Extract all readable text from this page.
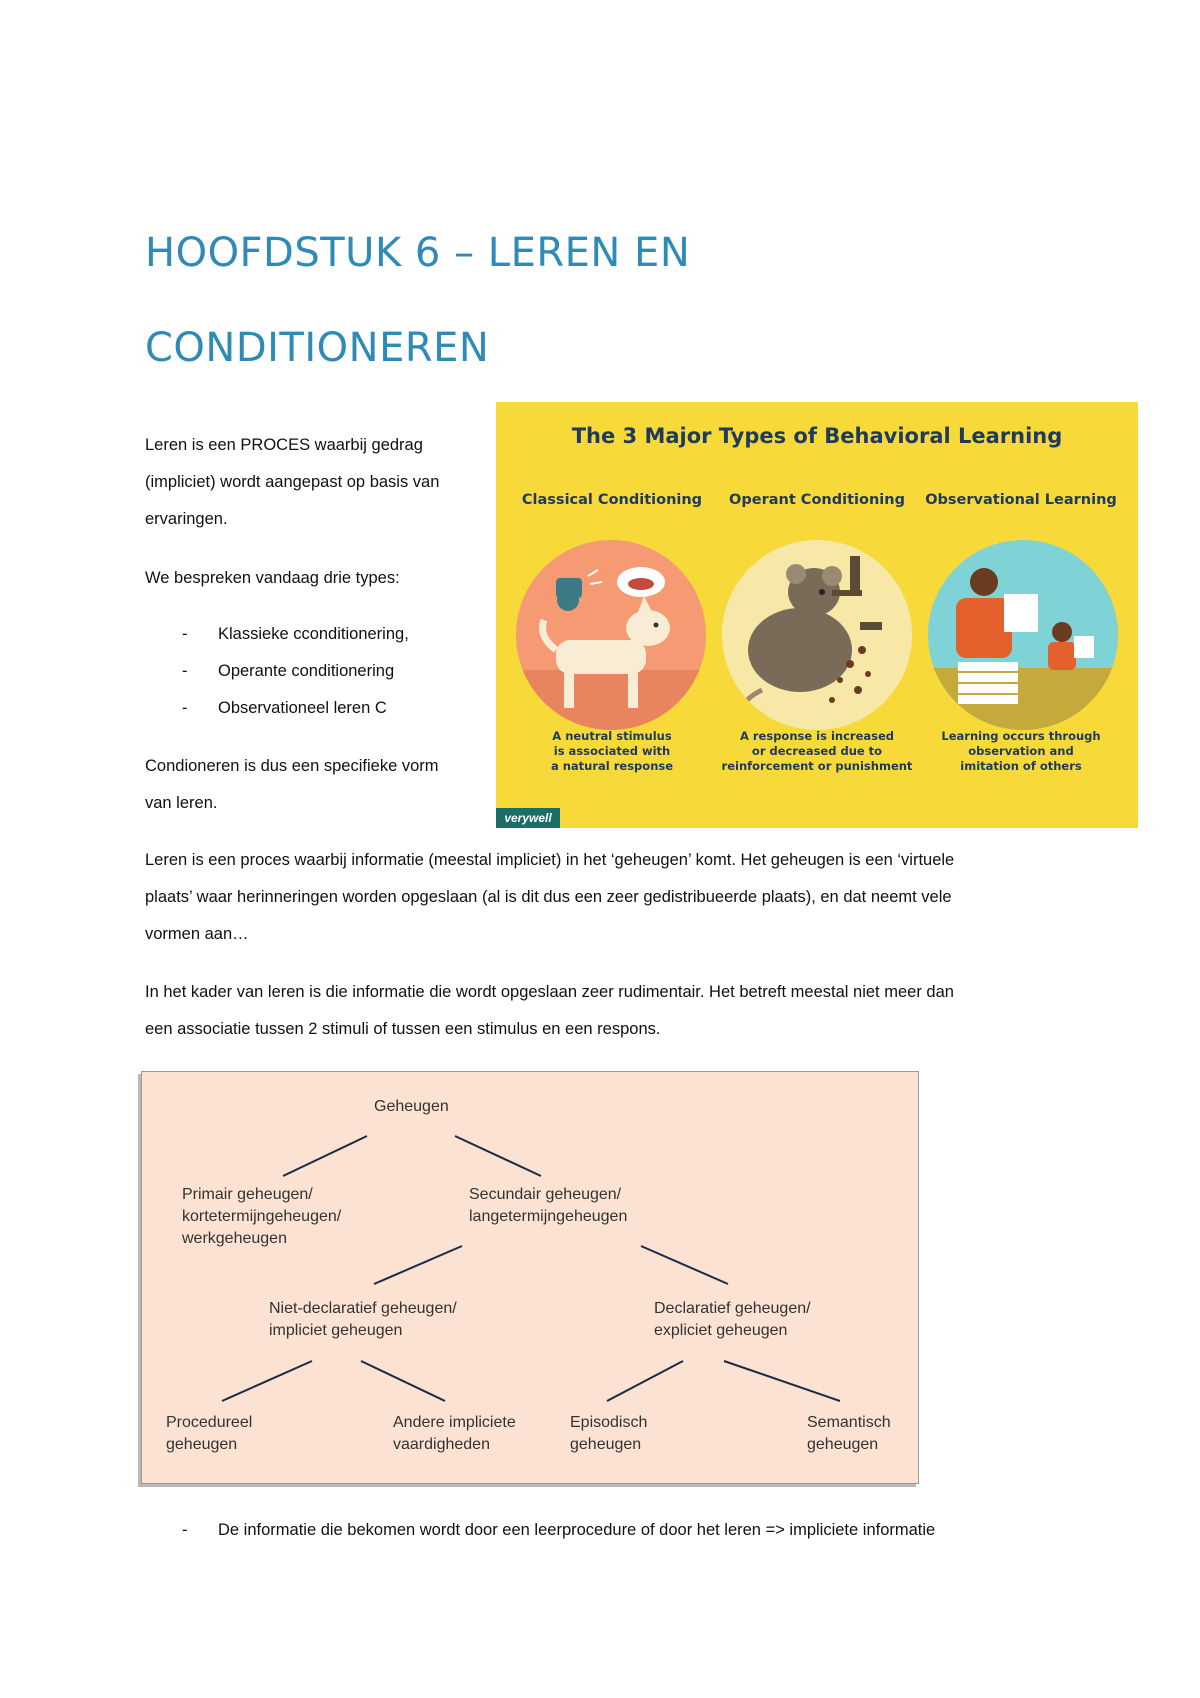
HOOFDSTUK 6 – LEREN EN
CONDITIONEREN

Leren is een PROCES waarbij gedrag

(impliciet) wordt aangepast op basis van

ervaringen.

We bespreken vandaag drie types:

- Klassieke cconditionering,

- Operante conditionering

- Observationeel leren C

Condioneren is dus een specifieke vorm

van leren.

The 3 Major Types of Behavioral Learning
Classical Conditioning	Operant Conditioning	Observational Learning
A neutral stimulus
is associated with
a natural response
A response is increased
or decreased due to
reinforcement or punishment
Learning occurs through
observation and
imitation of others
verywell

Leren is een proces waarbij informatie (meestal impliciet) in het ‘geheugen’ komt. Het geheugen is een ‘virtuele

plaats’ waar herinneringen worden opgeslaan (al is dit dus een zeer gedistribueerde plaats), en dat neemt vele

vormen aan…

In het kader van leren is die informatie die wordt opgeslaan zeer rudimentair. Het betreft meestal niet meer dan

een associatie tussen 2 stimuli of tussen een stimulus en een respons.

Geheugen

Primair geheugen/
kortetermijngeheugen/
werkgeheugen
Secundair geheugen/
langetermijngeheugen
Niet-declaratief geheugen/
impliciet geheugen
Declaratief geheugen/
expliciet geheugen
Procedureel
geheugen
Andere impliciete
vaardigheden
Episodisch
geheugen
Semantisch
geheugen

- De informatie die bekomen wordt door een leerprocedure of door het leren => impliciete informatie
